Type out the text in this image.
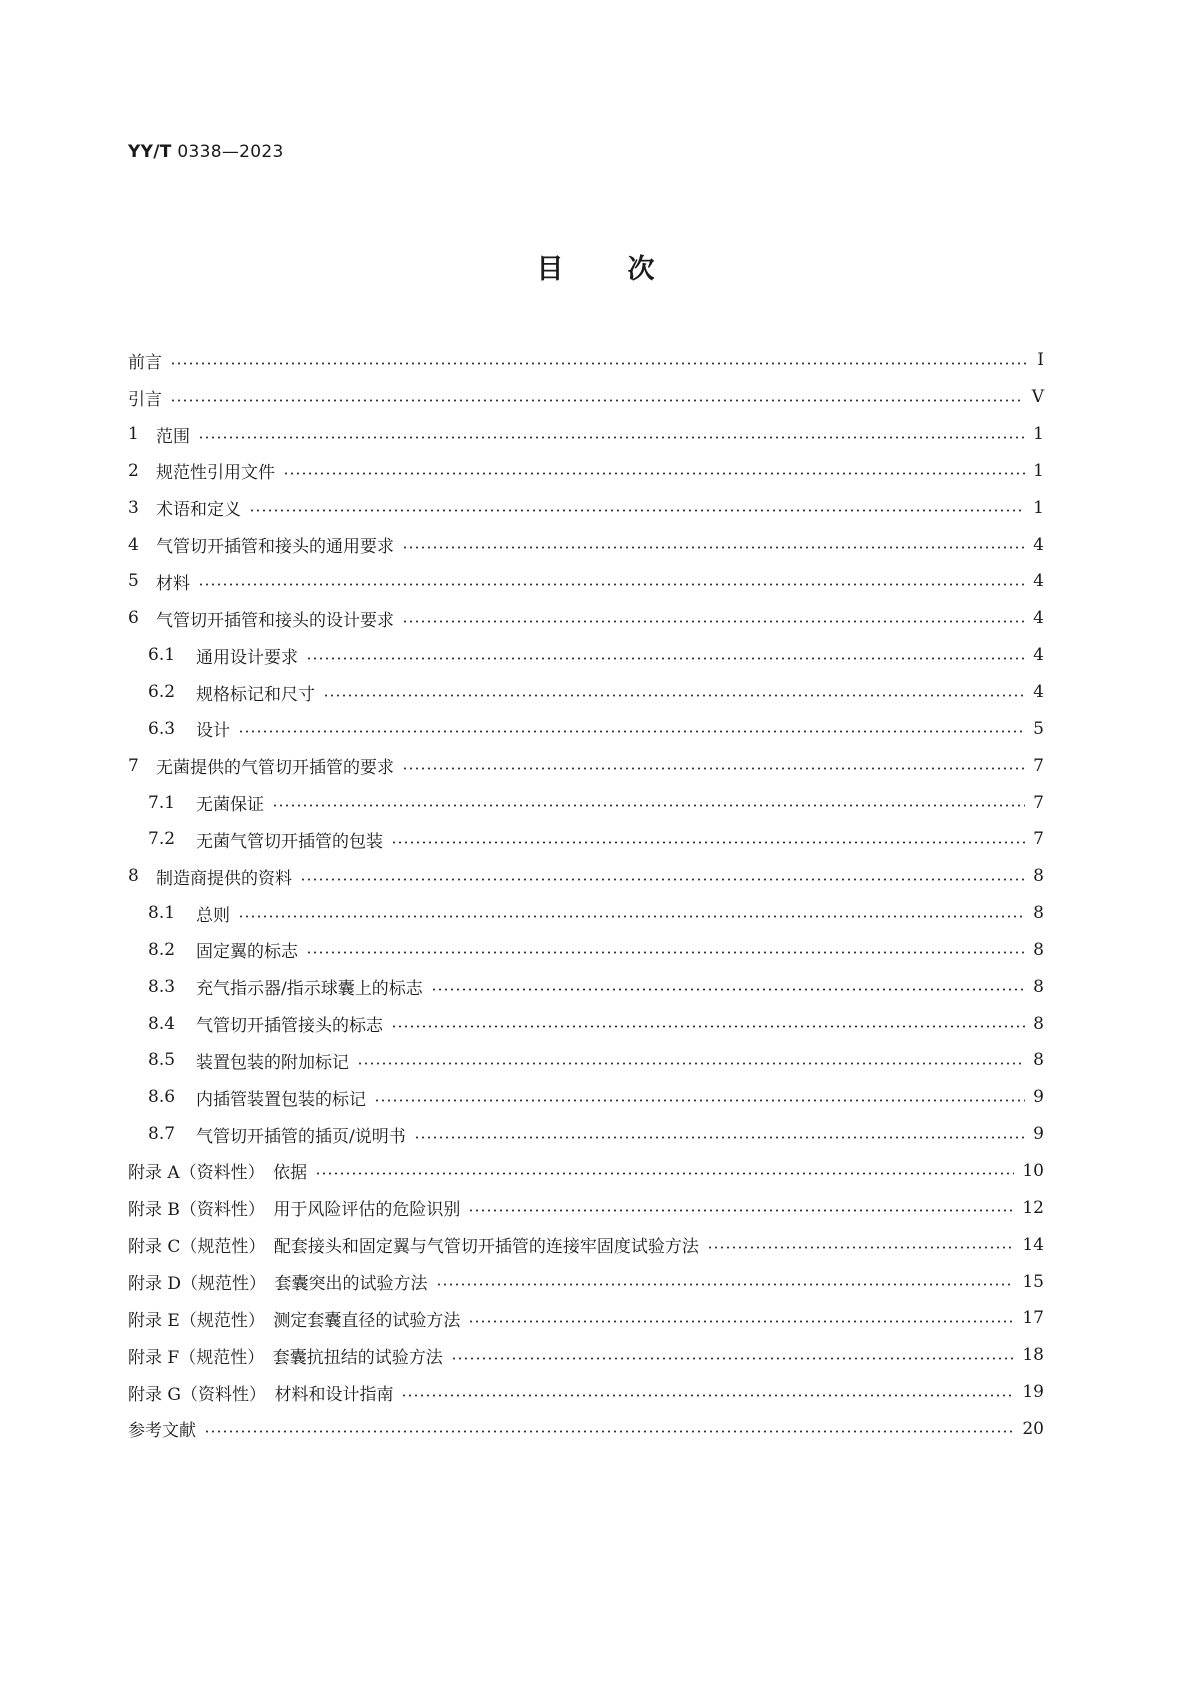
YY/T 0338—2023
目 次
前言	Ⅰ
引言	Ⅴ
1	范围	1
2	规范性引用文件	1
3	术语和定义	1
4	气管切开插管和接头的通用要求	4
5	材料	4
6	气管切开插管和接头的设计要求	4
6.1	通用设计要求	4
6.2	规格标记和尺寸	4
6.3	设计	5
7	无菌提供的气管切开插管的要求	7
7.1	无菌保证	7
7.2	无菌气管切开插管的包装	7
8	制造商提供的资料	8
8.1	总则	8
8.2	固定翼的标志	8
8.3	充气指示器/指示球囊上的标志	8
8.4	气管切开插管接头的标志	8
8.5	装置包装的附加标记	8
8.6	内插管装置包装的标记	9
8.7	气管切开插管的插页/说明书	9
附录 A（资料性）　依据	10
附录 B（资料性）　用于风险评估的危险识别	12
附录 C（规范性）　配套接头和固定翼与气管切开插管的连接牢固度试验方法	14
附录 D（规范性）　套囊突出的试验方法	15
附录 E（规范性）　测定套囊直径的试验方法	17
附录 F（规范性）　套囊抗扭结的试验方法	18
附录 G（资料性）　材料和设计指南	19
参考文献	20
